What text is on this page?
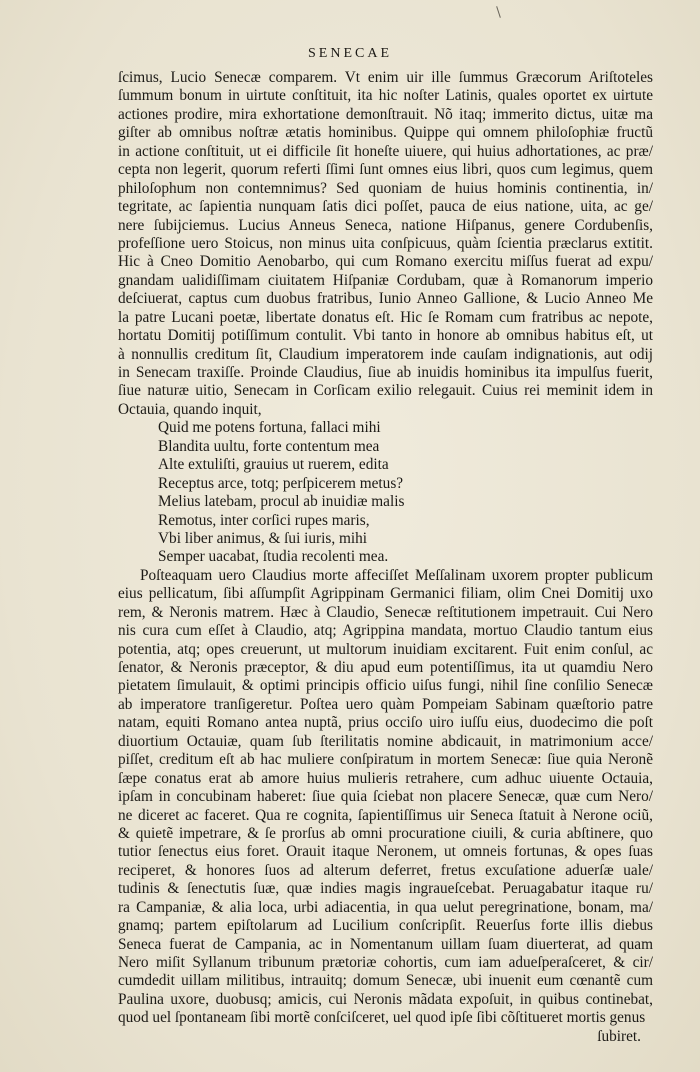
SENECAE
ſcimus, Lucio Senecæ comparem. Vt enim uir ille ſummus Græcorum Ariſtoteles
ſummum bonum in uirtute conſtituit, ita hic noſter Latinis, quales oportet ex uirtute
actiones prodire, mira exhortatione demonſtrauit. Nõ itaq; immerito dictus, uitæ ma
giſter ab omnibus noſtræ ætatis hominibus. Quippe qui omnem philoſophiæ fructũ
in actione conſtituit, ut ei difficile ſit honeſte uiuere, qui huius adhortationes, ac præ/
cepta non legerit, quorum referti ſſimi ſunt omnes eius libri, quos cum legimus, quem
philoſophum non contemnimus? Sed quoniam de huius hominis continentia, in/
tegritate, ac ſapientia nunquam ſatis dici poſſet, pauca de eius natione, uita, ac ge/
nere ſubijciemus. Lucius Anneus Seneca, natione Hiſpanus, genere Cordubenſis,
profeſſione uero Stoicus, non minus uita conſpicuus, quàm ſcientia præclarus extitit.
Hic à Cneo Domitio Aenobarbo, qui cum Romano exercitu miſſus fuerat ad expu/
gnandam ualidiſſimam ciuitatem Hiſpaniæ Cordubam, quæ à Romanorum imperio
deſciuerat, captus cum duobus fratribus, Iunio Anneo Gallione, & Lucio Anneo Me
la patre Lucani poetæ, libertate donatus eſt. Hic ſe Romam cum fratribus ac nepote,
hortatu Domitij potiſſimum contulit. Vbi tanto in honore ab omnibus habitus eſt, ut
à nonnullis creditum ſit, Claudium imperatorem inde cauſam indignationis, aut odij
in Senecam traxiſſe. Proinde Claudius, ſiue ab inuidis hominibus ita impulſus fuerit,
ſiue naturæ uitio, Senecam in Corſicam exilio relegauit. Cuius rei meminit idem in
Octauia, quando inquit,
Quid me potens fortuna, fallaci mihi
Blandita uultu, forte contentum mea
Alte extuliſti, grauius ut ruerem, edita
Receptus arce, totq; perſpicerem metus?
Melius latebam, procul ab inuidiæ malis
Remotus, inter corſici rupes maris,
Vbi liber animus, & ſui iuris, mihi
Semper uacabat, ſtudia recolenti mea.
Poſteaquam uero Claudius morte affeciſſet Meſſalinam uxorem propter publicum
eius pellicatum, ſibi aſſumpſit Agrippinam Germanici filiam, olim Cnei Domitij uxo
rem, & Neronis matrem. Hæc à Claudio, Senecæ reſtitutionem impetrauit. Cui Nero
nis cura cum eſſet à Claudio, atq; Agrippina mandata, mortuo Claudio tantum eius
potentia, atq; opes creuerunt, ut multorum inuidiam excitarent. Fuit enim conſul, ac
ſenator, & Neronis præceptor, & diu apud eum potentiſſimus, ita ut quamdiu Nero
pietatem ſimulauit, & optimi principis officio uiſus fungi, nihil ſine conſilio Senecæ
ab imperatore tranſigeretur. Poſtea uero quàm Pompeiam Sabinam quæſtorio patre
natam, equiti Romano antea nuptã, prius occiſo uiro iuſſu eius, duodecimo die poſt
diuortium Octauiæ, quam ſub ſterilitatis nomine abdicauit, in matrimonium acce/
piſſet, creditum eſt ab hac muliere conſpiratum in mortem Senecæ: ſiue quia Neronẽ
ſæpe conatus erat ab amore huius mulieris retrahere, cum adhuc uiuente Octauia,
ipſam in concubinam haberet: ſiue quia ſciebat non placere Senecæ, quæ cum Nero/
ne diceret ac faceret. Qua re cognita, ſapientiſſimus uir Seneca ſtatuit à Nerone ociũ,
& quietẽ impetrare, & ſe prorſus ab omni procuratione ciuili, & curia abſtinere, quo
tutior ſenectus eius foret. Orauit itaque Neronem, ut omneis fortunas, & opes ſuas
reciperet, & honores ſuos ad alterum deferret, fretus excuſatione aduerſæ uale/
tudinis & ſenectutis ſuæ, quæ indies magis ingraueſcebat. Peruagabatur itaque ru/
ra Campaniæ, & alia loca, urbi adiacentia, in qua uelut peregrinatione, bonam, ma/
gnamq; partem epiſtolarum ad Lucilium conſcripſit. Reuerſus forte illis diebus
Seneca fuerat de Campania, ac in Nomentanum uillam ſuam diuerterat, ad quam
Nero miſit Syllanum tribunum prætoriæ cohortis, cum iam adueſperaſceret, & cir/
cumdedit uillam militibus, intrauitq; domum Senecæ, ubi inuenit eum cœnantẽ cum
Paulina uxore, duobusq; amicis, cui Neronis mãdata expoſuit, in quibus continebat,
quod uel ſpontaneam ſibi mortẽ conſciſceret, uel quod ipſe ſibi cõſtitueret mortis genus
ſubiret.
